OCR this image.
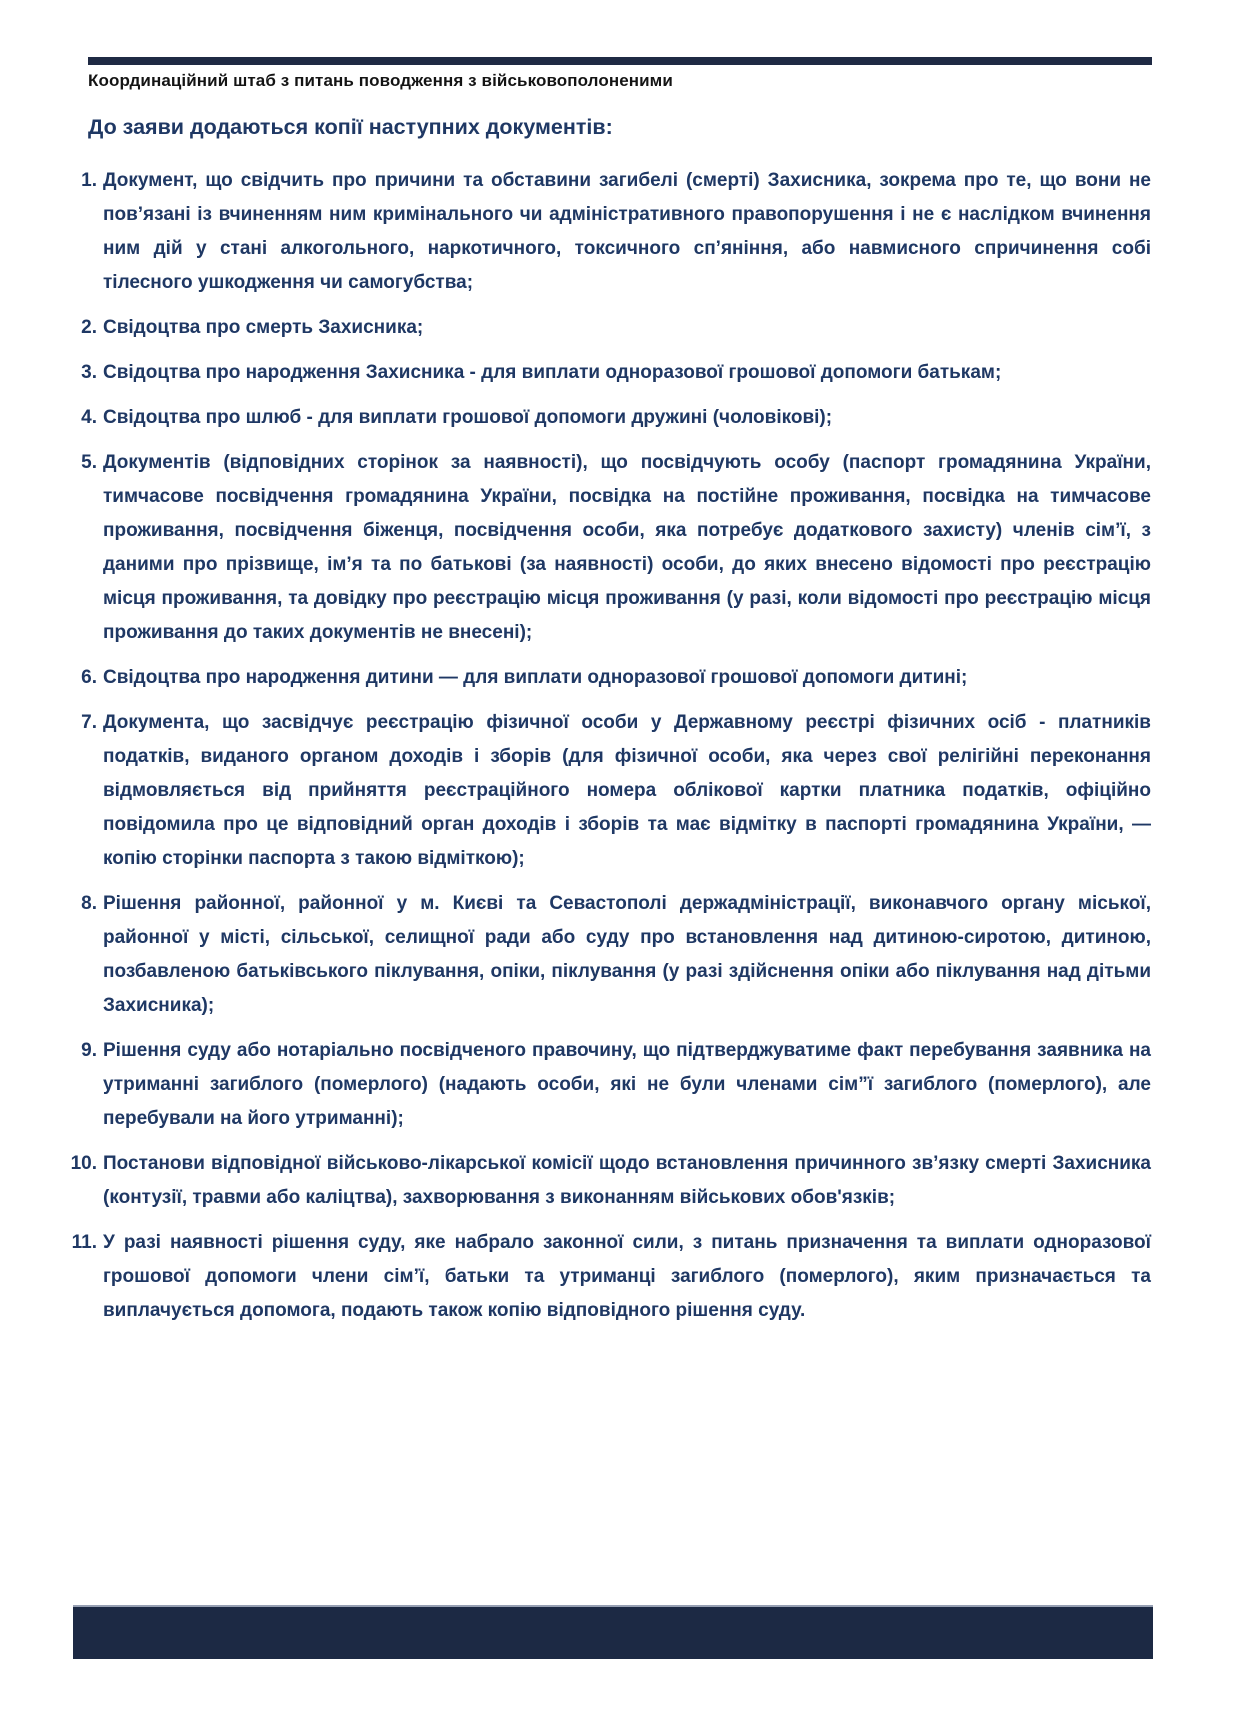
Координаційний штаб з питань поводження з військовополоненими
До заяви додаються копії наступних документів:
1. Документ, що свідчить про причини та обставини загибелі (смерті) Захисника, зокрема про те, що вони не пов’язані із вчиненням ним кримінального чи адміністративного правопорушення і не є наслідком вчинення ним дій у стані алкогольного, наркотичного, токсичного сп’яніння, або навмисного спричинення собі тілесного ушкодження чи самогубства;
2. Свідоцтва про смерть Захисника;
3. Свідоцтва про народження Захисника - для виплати одноразової грошової допомоги батькам;
4. Свідоцтва про шлюб - для виплати грошової допомоги дружині (чоловікові);
5. Документів (відповідних сторінок за наявності), що посвідчують особу (паспорт громадянина України, тимчасове посвідчення громадянина України, посвідка на постійне проживання, посвідка на тимчасове проживання, посвідчення біженця, посвідчення особи, яка потребує додаткового захисту) членів сім’ї, з даними про прізвище, ім’я та по батькові (за наявності) особи, до яких внесено відомості про реєстрацію місця проживання, та довідку про реєстрацію місця проживання (у разі, коли відомості про реєстрацію місця проживання до таких документів не внесені);
6. Свідоцтва про народження дитини — для виплати одноразової грошової допомоги дитині;
7. Документа, що засвідчує реєстрацію фізичної особи у Державному реєстрі фізичних осіб - платників податків, виданого органом доходів і зборів (для фізичної особи, яка через свої релігійні переконання відмовляється від прийняття реєстраційного номера облікової картки платника податків, офіційно повідомила про це відповідний орган доходів і зборів та має відмітку в паспорті громадянина України, — копію сторінки паспорта з такою відміткою);
8. Рішення районної, районної у м. Києві та Севастополі держадміністрації, виконавчого органу міської, районної у місті, сільської, селищної ради або суду про встановлення над дитиною-сиротою, дитиною, позбавленою батьківського піклування, опіки, піклування (у разі здійснення опіки або піклування над дітьми Захисника);
9. Рішення суду або нотаріально посвідченого правочину, що підтверджуватиме факт перебування заявника на утриманні загиблого (померлого) (надають особи, які не були членами сім”ї загиблого (померлого), але перебували на його утриманні);
10. Постанови відповідної військово-лікарської комісії щодо встановлення причинного зв’язку смерті Захисника (контузії, травми або каліцтва), захворювання з виконанням військових обов'язків;
11. У разі наявності рішення суду, яке набрало законної сили, з питань призначення та виплати одноразової грошової допомоги члени сім’ї, батьки та утриманці загиблого (померлого), яким призначається та виплачується допомога, подають також копію відповідного рішення суду.
